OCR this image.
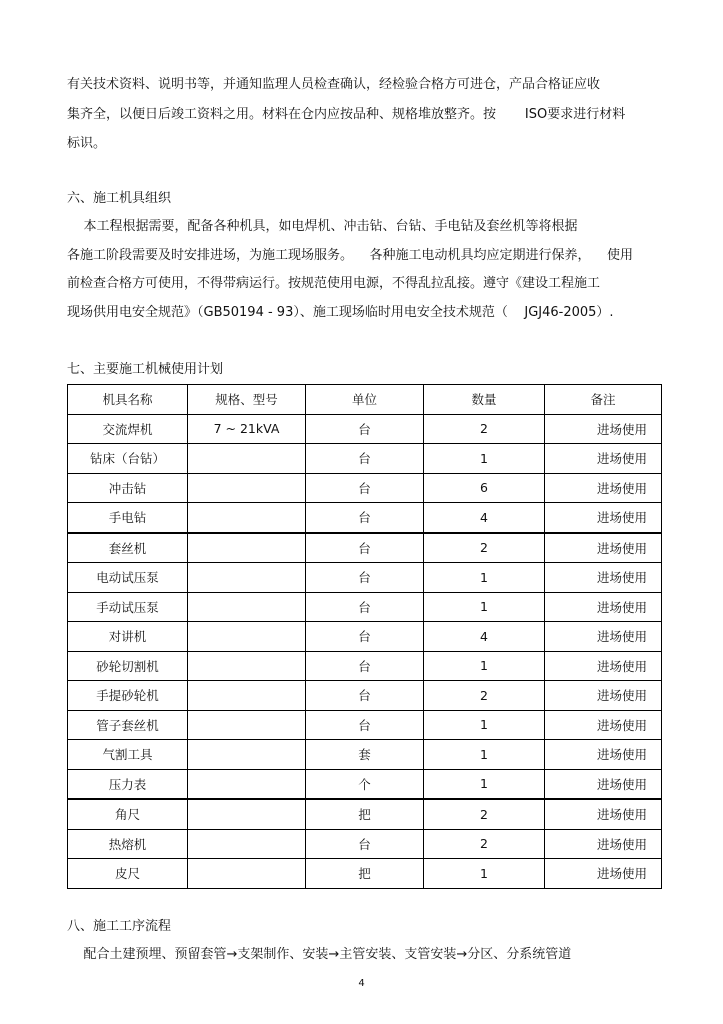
有关技术资料、说明书等，并通知监理人员检查确认，经检验合格方可进仓，产品合格证应收
集齐全，以便日后竣工资料之用。材料在仓内应按品种、规格堆放整齐。按       ISO要求进行材料
标识。
六、施工机具组织
本工程根据需要，配备各种机具，如电焊机、冲击钻、台钻、手电钻及套丝机等将根据
各施工阶段需要及时安排进场，为施工现场服务。    各种施工电动机具均应定期进行保养，    使用
前检查合格方可使用，不得带病运行。按规范使用电源，不得乱拉乱接。遵守《建设工程施工
现场供用电安全规范》（GB50194 - 93）、施工现场临时用电安全技术规范（    JGJ46-2005）.
七、主要施工机械使用计划
机具名称	规格、型号	单位	数量	备注
交流焊机	7 ~ 21kVA	台	2	进场使用
钻床（台钻）		台	1	进场使用
冲击钻		台	6	进场使用
手电钻		台	4	进场使用
套丝机		台	2	进场使用
电动试压泵		台	1	进场使用
手动试压泵		台	1	进场使用
对讲机		台	4	进场使用
砂轮切割机		台	1	进场使用
手提砂轮机		台	2	进场使用
管子套丝机		台	1	进场使用
气割工具		套	1	进场使用
压力表		个	1	进场使用
角尺		把	2	进场使用
热熔机		台	2	进场使用
皮尺		把	1	进场使用
八、施工工序流程
配合土建预埋、预留套管→支架制作、安装→主管安装、支管安装→分区、分系统管道
4
